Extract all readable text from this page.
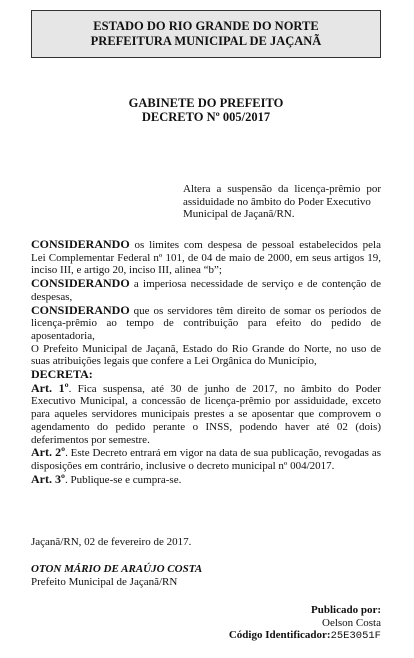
ESTADO DO RIO GRANDE DO NORTE
PREFEITURA MUNICIPAL DE JAÇANÃ
GABINETE DO PREFEITO
DECRETO Nº 005/2017
Altera a suspensão da licença-prêmio por assiduidade no âmbito do Poder Executivo
Municipal de Jaçanã/RN.

CONSIDERANDO os limites com despesa de pessoal estabelecidos pela Lei Complementar Federal nº 101, de 04 de maio de 2000, em seus artigos 19, inciso III, e artigo 20, inciso III, alinea “b”;

CONSIDERANDO a imperiosa necessidade de serviço e de contenção de despesas,

CONSIDERANDO que os servidores têm direito de somar os períodos de licença-prêmio ao tempo de contribuição para efeito do pedido de aposentadoria,

O Prefeito Municipal de Jaçanã, Estado do Rio Grande do Norte, no uso de suas atribuições legais que confere a Lei Orgânica do Município,

DECRETA:

Art. 1º. Fica suspensa, até 30 de junho de 2017, no âmbito do Poder Executivo Municipal, a concessão de licença-prêmio por assiduidade, exceto para aqueles servidores municipais prestes a se aposentar que comprovem o agendamento do pedido perante o INSS, podendo haver até 02 (dois) deferimentos por semestre.

Art. 2º. Este Decreto entrará em vigor na data de sua publicação, revogadas as disposições em contrário, inclusive o decreto municipal nº 004/2017.

Art. 3º. Publique-se e cumpra-se.

Jaçanã/RN, 02 de fevereiro de 2017.
OTON MÁRIO DE ARAÚJO COSTA
Prefeito Municipal de Jaçanã/RN
Publicado por:
Oelson Costa
Código Identificador:25E3051F
